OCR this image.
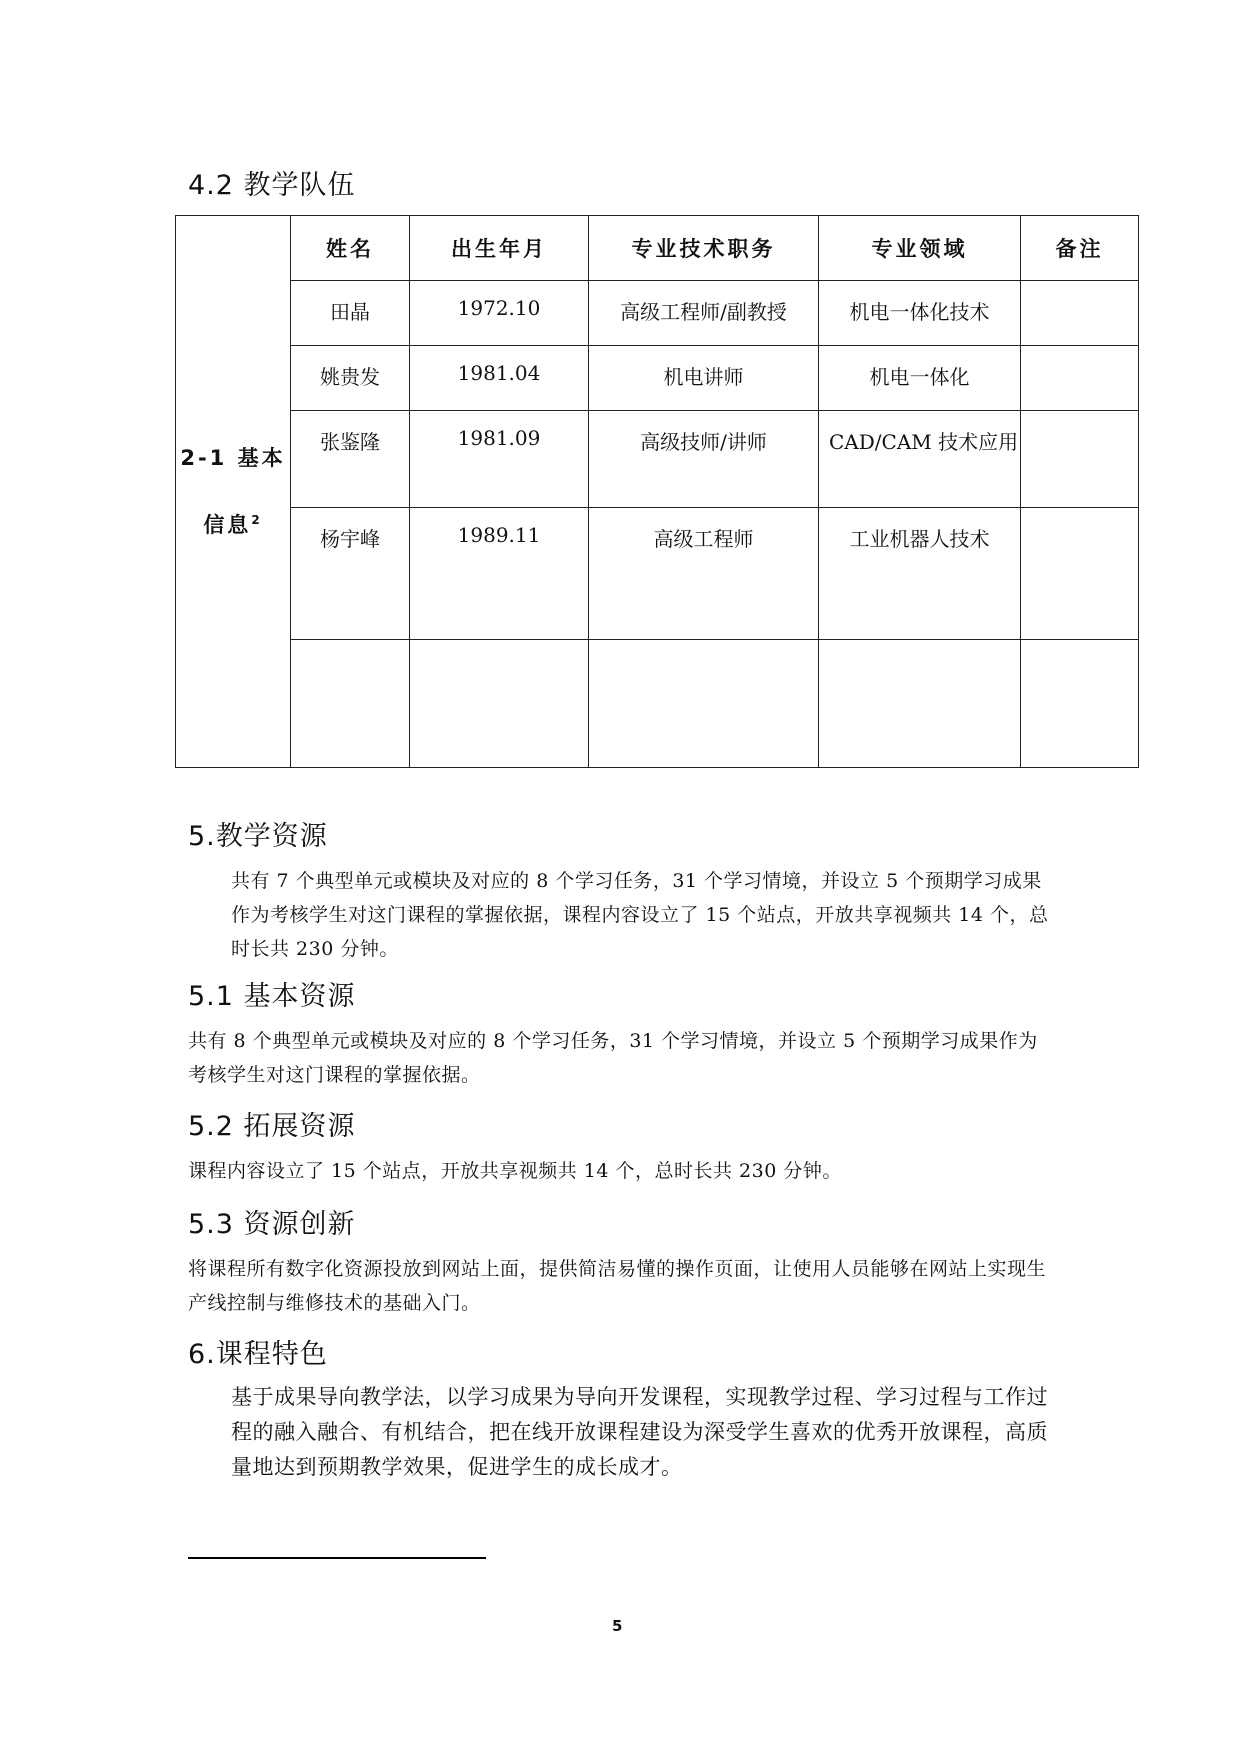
4.2 教学队伍
2-1 基本
信息$^2$	姓名	出生年月	专业技术职务	专业领域	备注
	田晶	1972.10	高级工程师/副教授	机电一体化技术	
	姚贵发	1981.04	机电讲师	机电一体化	
	张鉴隆	1981.09	高级技师/讲师	CAD/CAM 技术应用	
	杨宇峰	1989.11	高级工程师	工业机器人技术	

5.教学资源
共有 7 个典型单元或模块及对应的 8 个学习任务，31 个学习情境，并设立 5 个预期学习成果作为考核学生对这门课程的掌握依据，课程内容设立了 15 个站点，开放共享视频共 14 个，总时长共 230 分钟。
5.1 基本资源
共有 8 个典型单元或模块及对应的 8 个学习任务，31 个学习情境，并设立 5 个预期学习成果作为考核学生对这门课程的掌握依据。
5.2 拓展资源
课程内容设立了 15 个站点，开放共享视频共 14 个，总时长共 230 分钟。
5.3 资源创新
将课程所有数字化资源投放到网站上面，提供简洁易懂的操作页面，让使用人员能够在网站上实现生产线控制与维修技术的基础入门。
6.课程特色
基于成果导向教学法，以学习成果为导向开发课程，实现教学过程、学习过程与工作过程的融入融合、有机结合，把在线开放课程建设为深受学生喜欢的优秀开放课程，高质量地达到预期教学效果，促进学生的成长成才。
5
